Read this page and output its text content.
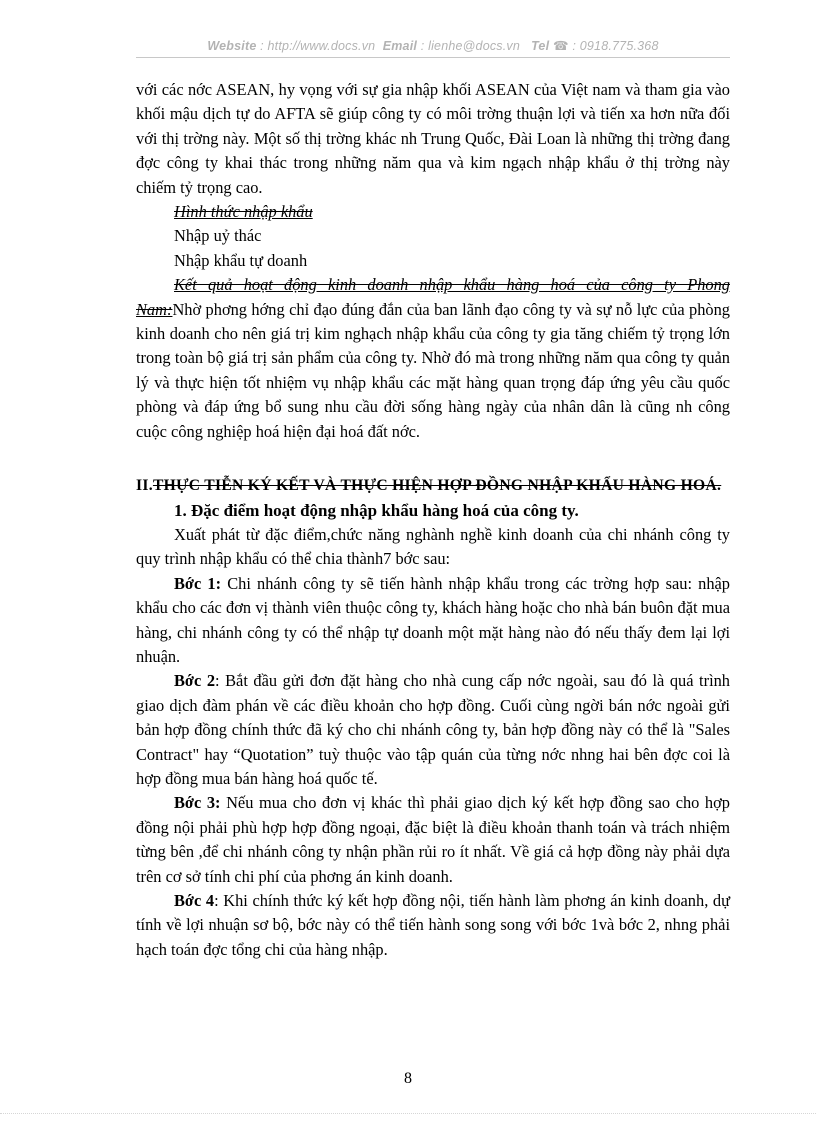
Website : http://www.docs.vn Email : lienhe@docs.vn Tel ☎ : 0918.775.368

với các nớc ASEAN, hy vọng với sự gia nhập khối ASEAN của Việt nam và tham gia vào khối mậu dịch tự do AFTA sẽ giúp công ty có môi trờng thuận lợi và tiến xa hơn nữa đối với thị trờng này. Một số thị trờng khác nh Trung Quốc, Đài Loan là những thị trờng đang đợc công ty khai thác trong những năm qua và kim ngạch nhập khẩu ở thị trờng này chiếm tỷ trọng cao.

Hình thức nhập khẩu

Nhập uỷ thác

Nhập khẩu tự doanh

Kết quả hoạt động kinh doanh nhập khẩu hàng hoá của công ty Phong

Nam:Nhờ phơng hớng chỉ đạo đúng đắn của ban lãnh đạo công ty và sự nỗ lực của phòng kinh doanh cho nên giá trị kim nghạch nhập khẩu của công ty gia tăng chiếm tỷ trọng lớn trong toàn bộ giá trị sản phẩm của công ty. Nhờ đó mà trong những năm qua công ty quản lý và thực hiện tốt nhiệm vụ nhập khẩu các mặt hàng quan trọng đáp ứng yêu cầu quốc phòng và đáp ứng bổ sung nhu cầu đời sống hàng ngày của nhân dân là cũng nh công cuộc công nghiệp hoá hiện đại hoá đất nớc.

II.THỰC TIỄN KÝ KẾT VÀ THỰC HIỆN HỢP ĐỒNG NHẬP KHẨU HÀNG HOÁ.

1. Đặc điểm hoạt động nhập khẩu hàng hoá của công ty.

Xuất phát từ đặc điểm,chức năng nghành nghề kinh doanh của chi nhánh công ty quy trình nhập khẩu có thể chia thành7 bớc sau:

Bớc 1: Chi nhánh công ty sẽ tiến hành nhập khẩu trong các trờng hợp sau: nhập khẩu cho các đơn vị thành viên thuộc công ty, khách hàng hoặc cho nhà bán buôn đặt mua hàng, chi nhánh công ty có thể nhập tự doanh một mặt hàng nào đó nếu thấy đem lại lợi nhuận.

Bớc 2: Bắt đầu gửi đơn đặt hàng cho nhà cung cấp nớc ngoài, sau đó là quá trình giao dịch đàm phán về các điều khoản cho hợp đồng. Cuối cùng ngời bán nớc ngoài gửi bản hợp đồng chính thức đã ký cho chi nhánh công ty, bản hợp đồng này có thể là "Sales Contract" hay “Quotation” tuỳ thuộc vào tập quán của từng nớc nhng hai bên đợc coi là hợp đồng mua bán hàng hoá quốc tế.

Bớc 3: Nếu mua cho đơn vị khác thì phải giao dịch ký kết hợp đồng sao cho hợp đồng nội phải phù hợp hợp đồng ngoại, đặc biệt là điều khoản thanh toán và trách nhiệm từng bên ,để chi nhánh công ty nhận phần rủi ro ít nhất. Về giá cả hợp đồng này phải dựa trên cơ sở tính chi phí của phơng án kinh doanh.

Bớc 4: Khi chính thức ký kết hợp đồng nội, tiến hành làm phơng án kinh doanh, dự tính về lợi nhuận sơ bộ, bớc này có thể tiến hành song song với bớc 1và bớc 2, nhng phải hạch toán đợc tổng chi của hàng nhập.

8
